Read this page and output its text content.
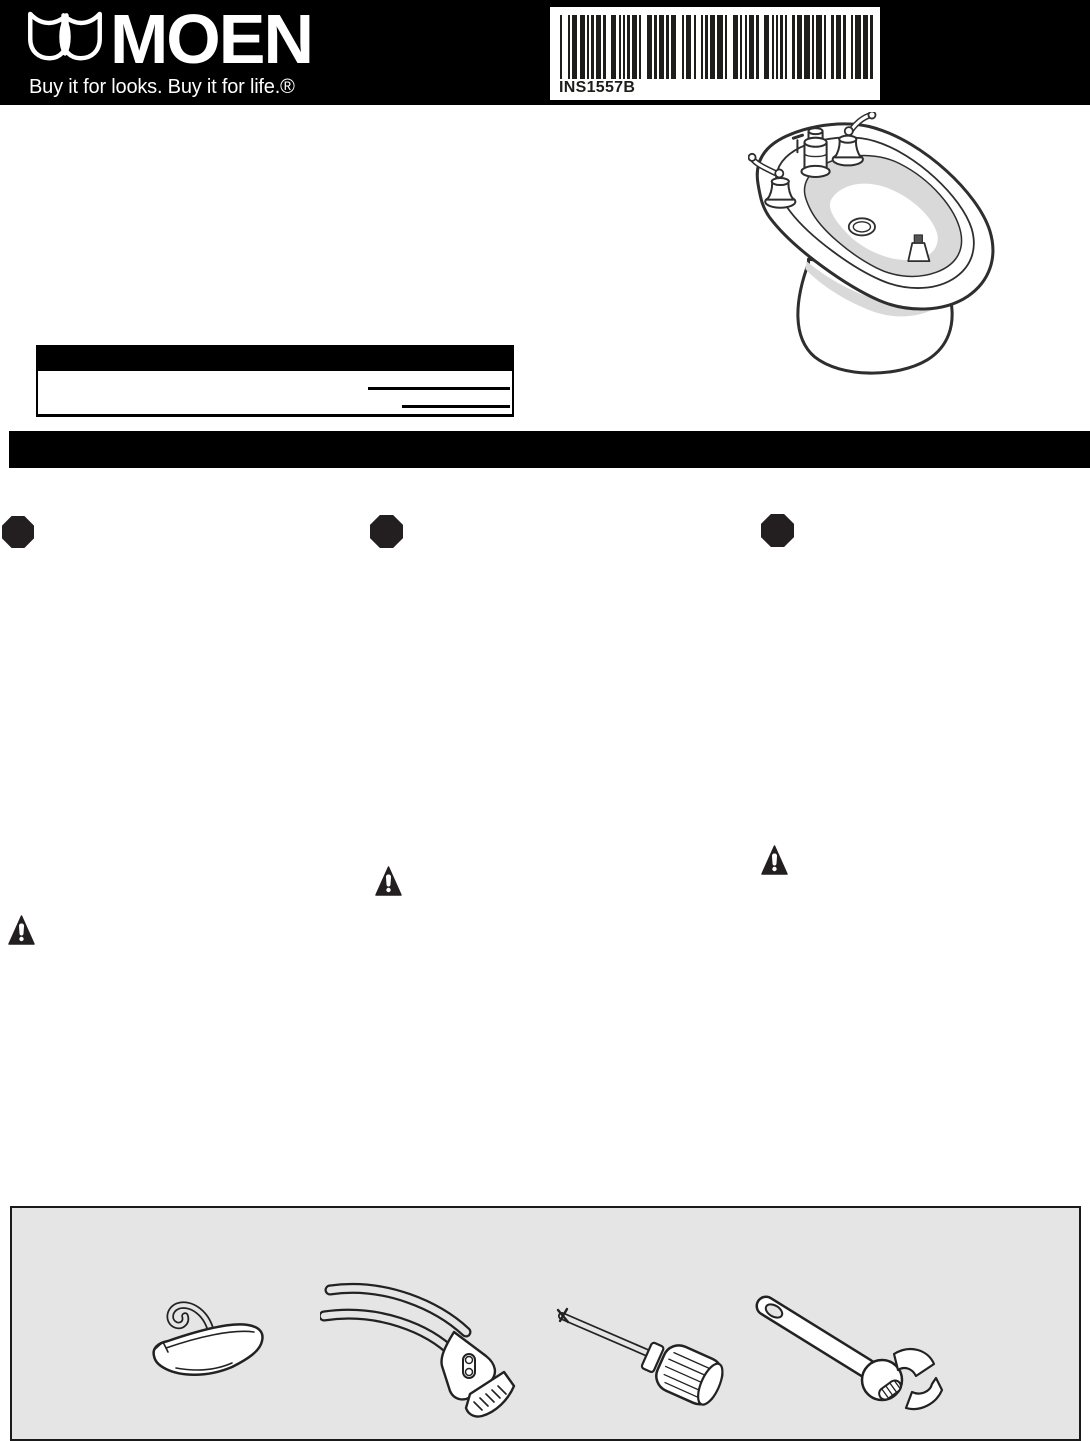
MOEN
Buy it for looks. Buy it for life.®	INS1557B
